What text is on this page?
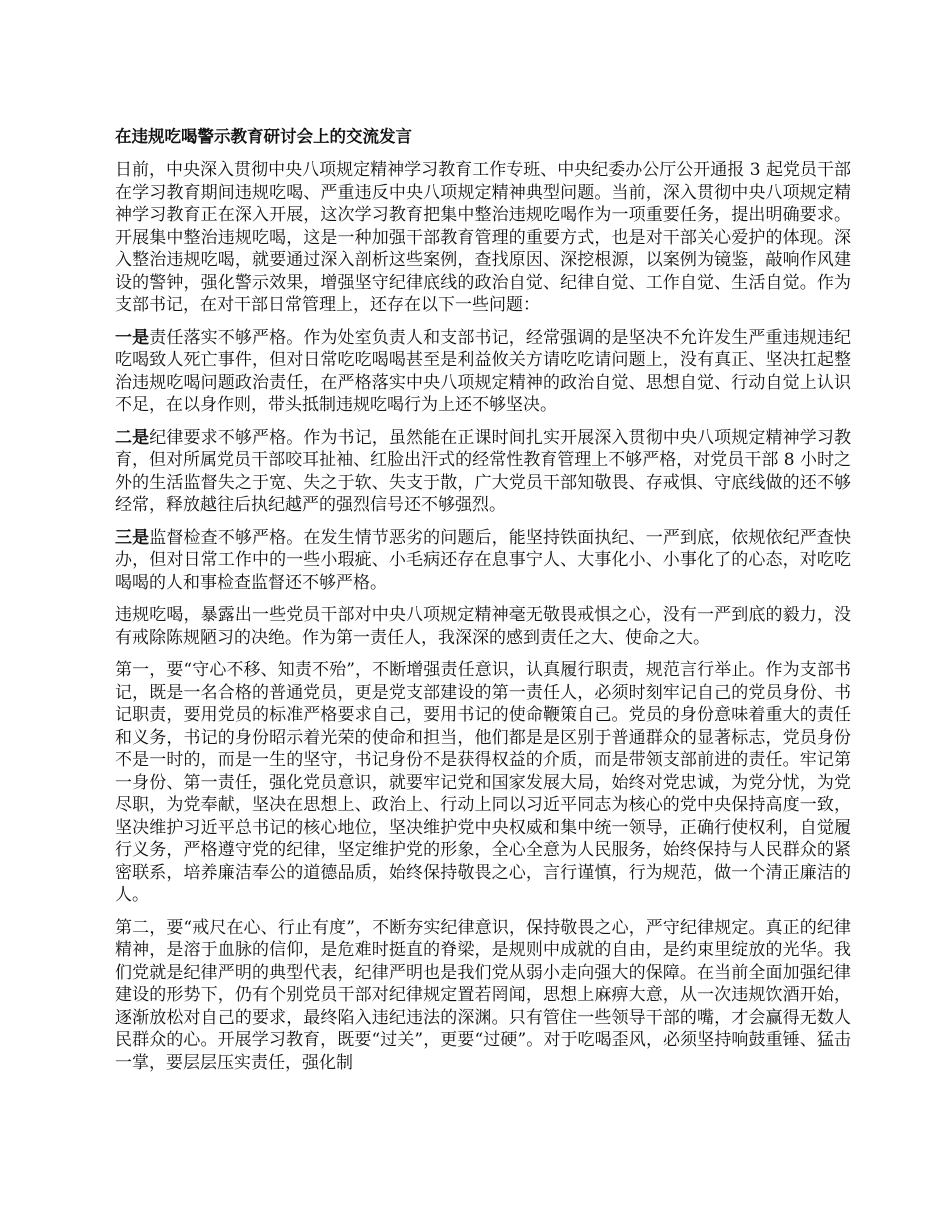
在违规吃喝警示教育研讨会上的交流发言
日前，中央深入贯彻中央八项规定精神学习教育工作专班、中央纪委办公厅公开通报 3 起党员干部在学习教育期间违规吃喝、严重违反中央八项规定精神典型问题。当前，深入贯彻中央八项规定精神学习教育正在深入开展，这次学习教育把集中整治违规吃喝作为一项重要任务，提出明确要求。开展集中整治违规吃喝，这是一种加强干部教育管理的重要方式，也是对干部关心爱护的体现。深入整治违规吃喝，就要通过深入剖析这些案例，查找原因、深挖根源，以案例为镜鉴，敲响作风建设的警钟，强化警示效果，增强坚守纪律底线的政治自觉、纪律自觉、工作自觉、生活自觉。作为支部书记，在对干部日常管理上，还存在以下一些问题：
一是责任落实不够严格。作为处室负责人和支部书记，经常强调的是坚决不允许发生严重违规违纪吃喝致人死亡事件，但对日常吃吃喝喝甚至是利益攸关方请吃吃请问题上，没有真正、坚决扛起整治违规吃喝问题政治责任，在严格落实中央八项规定精神的政治自觉、思想自觉、行动自觉上认识不足，在以身作则，带头抵制违规吃喝行为上还不够坚决。
二是纪律要求不够严格。作为书记，虽然能在正课时间扎实开展深入贯彻中央八项规定精神学习教育，但对所属党员干部咬耳扯袖、红脸出汗式的经常性教育管理上不够严格，对党员干部 8 小时之外的生活监督失之于宽、失之于软、失支于散，广大党员干部知敬畏、存戒惧、守底线做的还不够经常，释放越往后执纪越严的强烈信号还不够强烈。
三是监督检查不够严格。在发生情节恶劣的问题后，能坚持铁面执纪、一严到底，依规依纪严查快办，但对日常工作中的一些小瑕疵、小毛病还存在息事宁人、大事化小、小事化了的心态，对吃吃喝喝的人和事检查监督还不够严格。
违规吃喝，暴露出一些党员干部对中央八项规定精神毫无敬畏戒惧之心，没有一严到底的毅力，没有戒除陈规陋习的决绝。作为第一责任人，我深深的感到责任之大、使命之大。
第一，要“守心不移、知责不殆”，不断增强责任意识，认真履行职责，规范言行举止。作为支部书记，既是一名合格的普通党员，更是党支部建设的第一责任人，必须时刻牢记自己的党员身份、书记职责，要用党员的标准严格要求自己，要用书记的使命鞭策自己。党员的身份意味着重大的责任和义务，书记的身份昭示着光荣的使命和担当，他们都是是区别于普通群众的显著标志，党员身份不是一时的，而是一生的坚守，书记身份不是获得权益的介质，而是带领支部前进的责任。牢记第一身份、第一责任，强化党员意识，就要牢记党和国家发展大局，始终对党忠诚，为党分忧，为党尽职，为党奉献，坚决在思想上、政治上、行动上同以习近平同志为核心的党中央保持高度一致，坚决维护习近平总书记的核心地位，坚决维护党中央权威和集中统一领导，正确行使权利，自觉履行义务，严格遵守党的纪律，坚定维护党的形象，全心全意为人民服务，始终保持与人民群众的紧密联系，培养廉洁奉公的道德品质，始终保持敬畏之心，言行谨慎，行为规范，做一个清正廉洁的人。
第二，要“戒尺在心、行止有度”，不断夯实纪律意识，保持敬畏之心，严守纪律规定。真正的纪律精神，是溶于血脉的信仰，是危难时挺直的脊梁，是规则中成就的自由，是约束里绽放的光华。我们党就是纪律严明的典型代表，纪律严明也是我们党从弱小走向强大的保障。在当前全面加强纪律建设的形势下，仍有个别党员干部对纪律规定置若罔闻，思想上麻痹大意，从一次违规饮酒开始，逐渐放松对自己的要求，最终陷入违纪违法的深渊。只有管住一些领导干部的嘴，才会赢得无数人民群众的心。开展学习教育，既要“过关”，更要“过硬”。对于吃喝歪风，必须坚持响鼓重锤、猛击一掌，要层层压实责任，强化制
